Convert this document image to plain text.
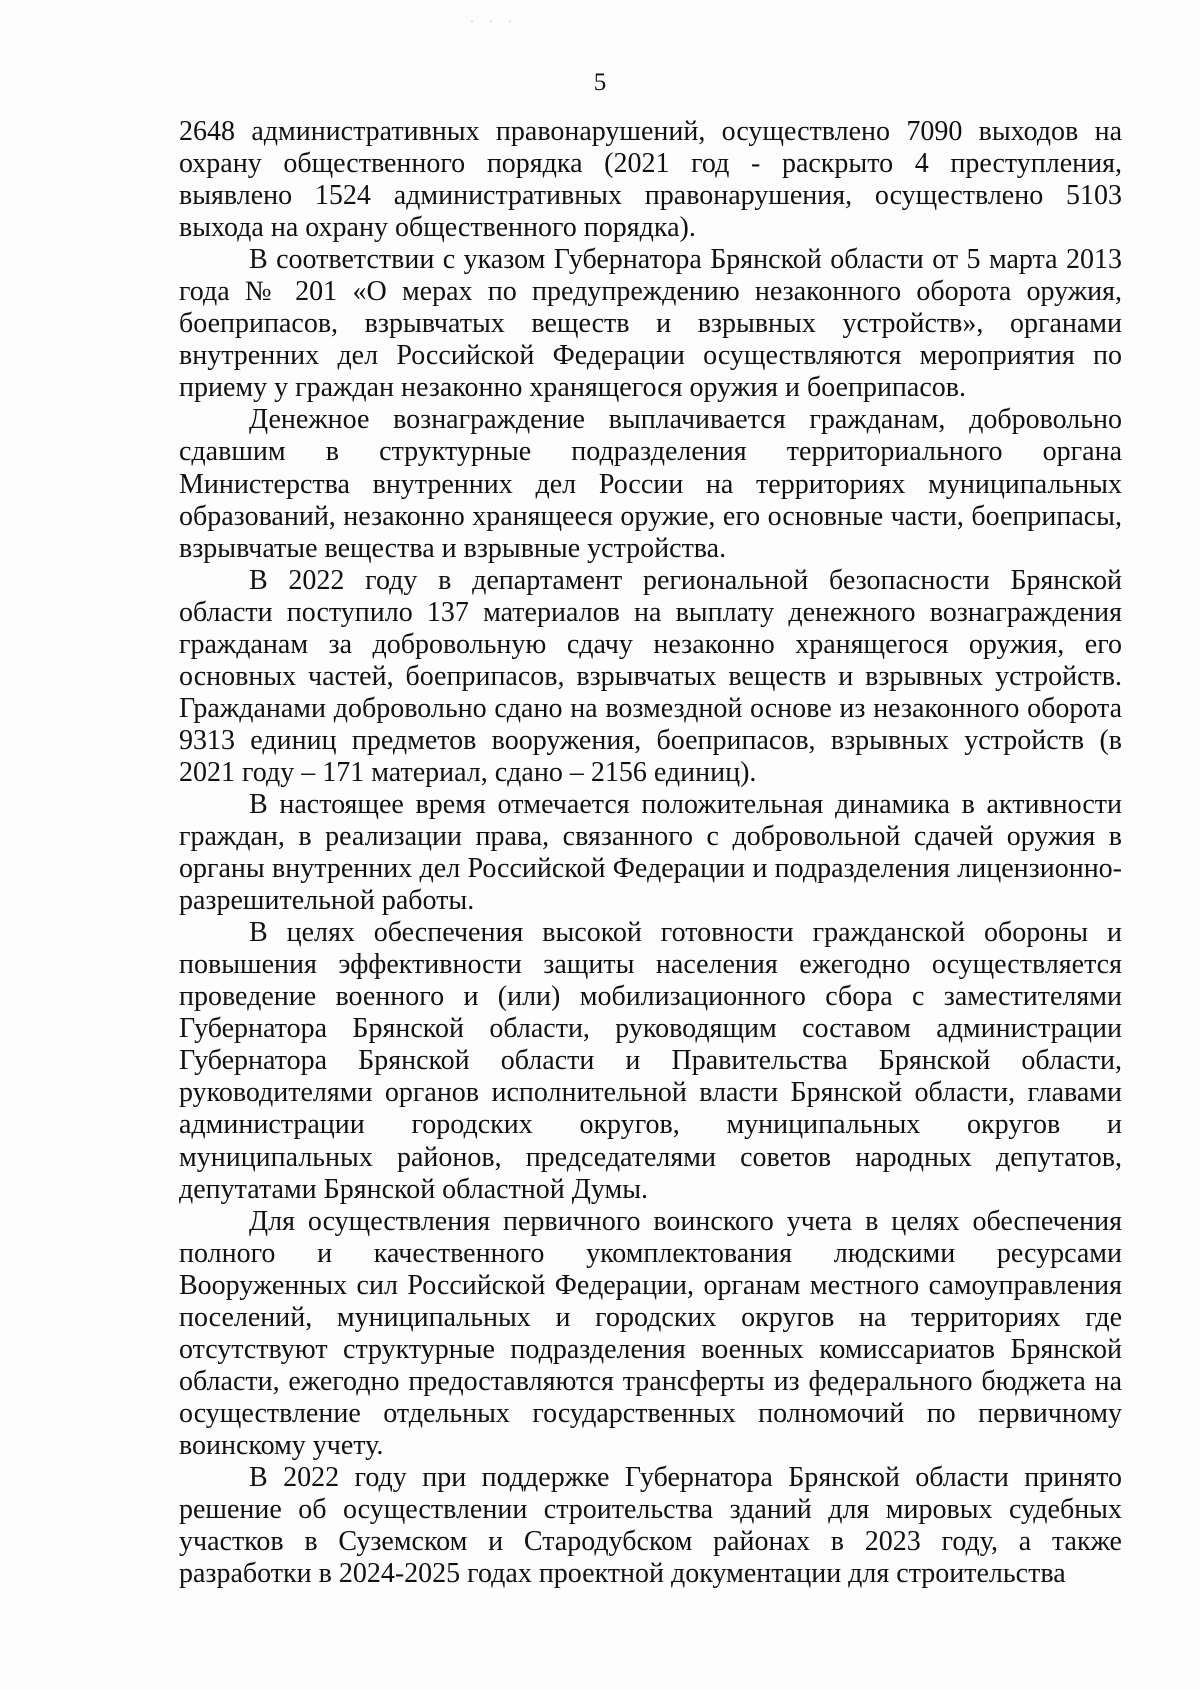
· · ·
5

2648 административных правонарушений, осуществлено 7090 выходов на охрану общественного порядка (2021 год - раскрыто 4 преступления, выявлено 1524 административных правонарушения, осуществлено 5103 выхода на охрану общественного порядка).

В соответствии с указом Губернатора Брянской области от 5 марта 2013 года № 201 «О мерах по предупреждению незаконного оборота оружия, боеприпасов, взрывчатых веществ и взрывных устройств», органами внутренних дел Российской Федерации осуществляются мероприятия по приему у граждан незаконно хранящегося оружия и боеприпасов.

Денежное вознаграждение выплачивается гражданам, добровольно сдавшим в структурные подразделения территориального органа Министерства внутренних дел России на территориях муниципальных образований, незаконно хранящееся оружие, его основные части, боеприпасы, взрывчатые вещества и взрывные устройства.

В 2022 году в департамент региональной безопасности Брянской области поступило 137 материалов на выплату денежного вознаграждения гражданам за добровольную сдачу незаконно хранящегося оружия, его основных частей, боеприпасов, взрывчатых веществ и взрывных устройств. Гражданами добровольно сдано на возмездной основе из незаконного оборота 9313 единиц предметов вооружения, боеприпасов, взрывных устройств (в 2021 году – 171 материал, сдано – 2156 единиц).

В настоящее время отмечается положительная динамика в активности граждан, в реализации права, связанного с добровольной сдачей оружия в органы внутренних дел Российской Федерации и подразделения лицензионно-разрешительной работы.

В целях обеспечения высокой готовности гражданской обороны и повышения эффективности защиты населения ежегодно осуществляется проведение военного и (или) мобилизационного сбора с заместителями Губернатора Брянской области, руководящим составом администрации Губернатора Брянской области и Правительства Брянской области, руководителями органов исполнительной власти Брянской области, главами администрации городских округов, муниципальных округов и муниципальных районов, председателями советов народных депутатов, депутатами Брянской областной Думы.

Для осуществления первичного воинского учета в целях обеспечения полного и качественного укомплектования людскими ресурсами Вооруженных сил Российской Федерации, органам местного самоуправления поселений, муниципальных и городских округов на территориях где отсутствуют структурные подразделения военных комиссариатов Брянской области, ежегодно предоставляются трансферты из федерального бюджета на осуществление отдельных государственных полномочий по первичному воинскому учету.

В 2022 году при поддержке Губернатора Брянской области принято решение об осуществлении строительства зданий для мировых судебных участков в Суземском и Стародубском районах в 2023 году, а также разработки в 2024-2025 годах проектной документации для строительства
